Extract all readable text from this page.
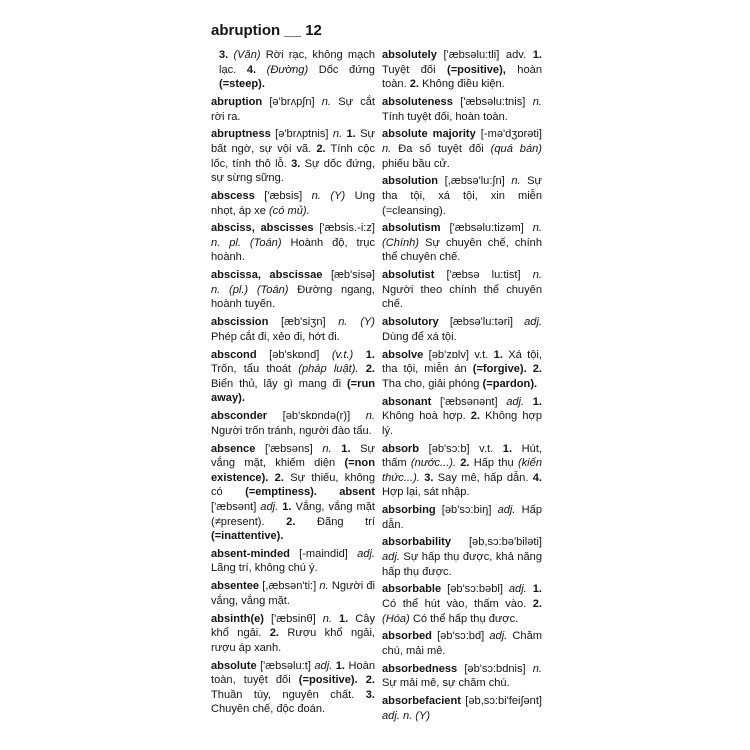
abruption __ 12
3. (Văn) Rời rạc, không mạch lạc. 4. (Đường) Dốc đứng (=steep).
abruption [ə'brʌp∫n] n. Sự cắt rời ra.
abruptness [ə'brʌptnis] n. 1. Sự bất ngờ, sự vội vã. 2. Tính cộc lốc, tính thô lỗ. 3. Sự dốc đứng, sự sừng sững.
abscess ['æbsis] n. (Y) Ung nhọt, áp xe (có mủ).
absciss, abscisses ['æbsis.-i:z] n. pl. (Toán) Hoành độ, trục hoành.
abscissa, abscissae [æb'sisə] n. (pl.) (Toán) Đường ngang, hoành tuyến.
abscission [æb'siʒn] n. (Y) Phép cắt đi, xẻo đi, hớt đi.
abscond [əb'skɒnd] (v.t.) 1. Trốn, tẩu thoát (pháp luật). 2. Biển thủ, lấy gì mang đi (=run away).
absconder [əb'skɒndə(r)] n. Người trốn tránh, người đào tẩu.
absence ['æbsəns] n. 1. Sự vắng mặt, khiếm diện (=non existence). 2. Sự thiếu, không có (=emptiness). absent ['æbsənt] adj. 1. Vắng, vắng mặt (≠present). 2. Đãng trí (=inattentive).
absent-minded [-maindid] adj. Lãng trí, không chú ý.
absentee [,æbsən'ti:] n. Người đi vắng, vắng mặt.
absinth(e) ['æbsinθ] n. 1. Cây khổ ngải. 2. Rượu khổ ngải, rượu áp xanh.
absolute ['æbsəlu:t] adj. 1. Hoàn toàn, tuyệt đối (=positive). 2. Thuần túy, nguyên chất. 3. Chuyên chế, độc đoán.
absolutely ['æbsəlu:tli] adv. 1. Tuyệt đối (=positive), hoàn toàn. 2. Không điều kiện.
absoluteness ['æbsəlu:tnis] n. Tính tuyệt đối, hoàn toàn.
absolute majority [-mə'dʒɒrəti] n. Đa số tuyệt đối (quá bán) phiếu bầu cử.
absolution [,æbsə'lu:∫n] n. Sự tha tội, xá tội, xin miễn (=cleansing).
absolutism ['æbsəlu:tizəm] n. (Chính) Sự chuyên chế, chính thể chuyên chế.
absolutist ['æbsə lu:tist] n. Người theo chính thể chuyên chế.
absolutory [æbsə'lu:təri] adj. Dùng để xá tội.
absolve [əb'zɒlv] v.t. 1. Xá tội, tha tội, miễn án (=forgive). 2. Tha cho, giải phóng (=pardon).
absonant ['æbsənənt] adj. 1. Không hoà hợp. 2. Không hợp lý.
absorb [əb'sɔ:b] v.t. 1. Hút, thấm (nước...). 2. Hấp thụ (kiến thức...). 3. Say mê, hấp dẫn. 4. Hợp lại, sát nhập.
absorbing [əb'sɔ:biŋ] adj. Hấp dẫn.
absorbability [əb,sɔ:bə'biləti] adj. Sự hấp thụ được, khả năng hấp thụ được.
absorbable [əb'sɔ:bəbl] adj. 1. Có thể hút vào, thấm vào. 2. (Hóa) Có thể hấp thụ được.
absorbed [əb'sɔ:bd] adj. Chăm chú, mải mê.
absorbedness [əb'sɔ:bdnis] n. Sự mải mê, sự chăm chú.
absorbefacient [əb,sɔ:bi'fei∫ənt] adj. n. (Y)
